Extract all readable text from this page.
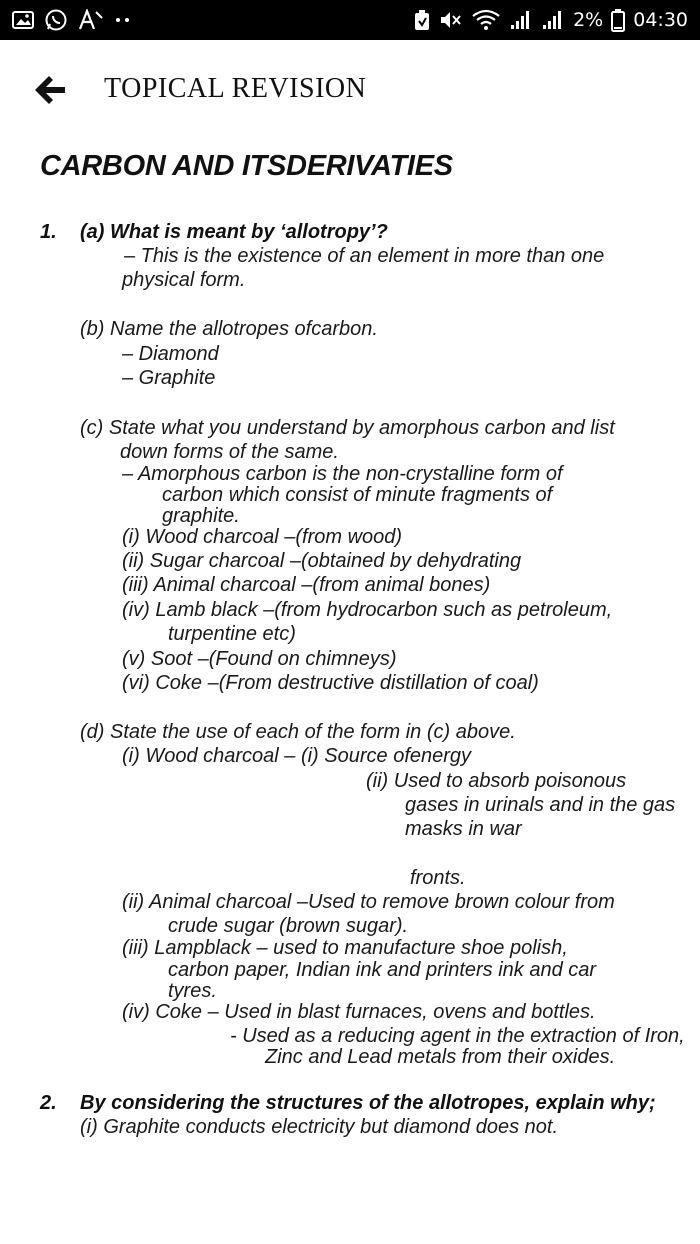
2% 04:30
TOPICAL REVISION
CARBON AND ITSDERIVATIES
1. (a) What is meant by ‘allotropy’?
– This is the existence of an element in more than one
physical form.
(b) Name the allotropes ofcarbon.
– Diamond
– Graphite
(c) State what you understand by amorphous carbon and list
down forms of the same.
– Amorphous carbon is the non-crystalline form of
carbon which consist of minute fragments of
graphite.
(i) Wood charcoal –(from wood)
(ii) Sugar charcoal –(obtained by dehydrating
(iii) Animal charcoal –(from animal bones)
(iv) Lamb black –(from hydrocarbon such as petroleum,
turpentine etc)
(v) Soot –(Found on chimneys)
(vi) Coke –(From destructive distillation of coal)
(d) State the use of each of the form in (c) above.
(i) Wood charcoal – (i) Source ofenergy
(ii) Used to absorb poisonous
gases in urinals and in the gas
masks in war
fronts.
(ii) Animal charcoal –Used to remove brown colour from
crude sugar (brown sugar).
(iii) Lampblack – used to manufacture shoe polish,
carbon paper, Indian ink and printers ink and car
tyres.
(iv) Coke – Used in blast furnaces, ovens and bottles.
- Used as a reducing agent in the extraction of Iron,
Zinc and Lead metals from their oxides.
2. By considering the structures of the allotropes, explain why;
(i) Graphite conducts electricity but diamond does not.
